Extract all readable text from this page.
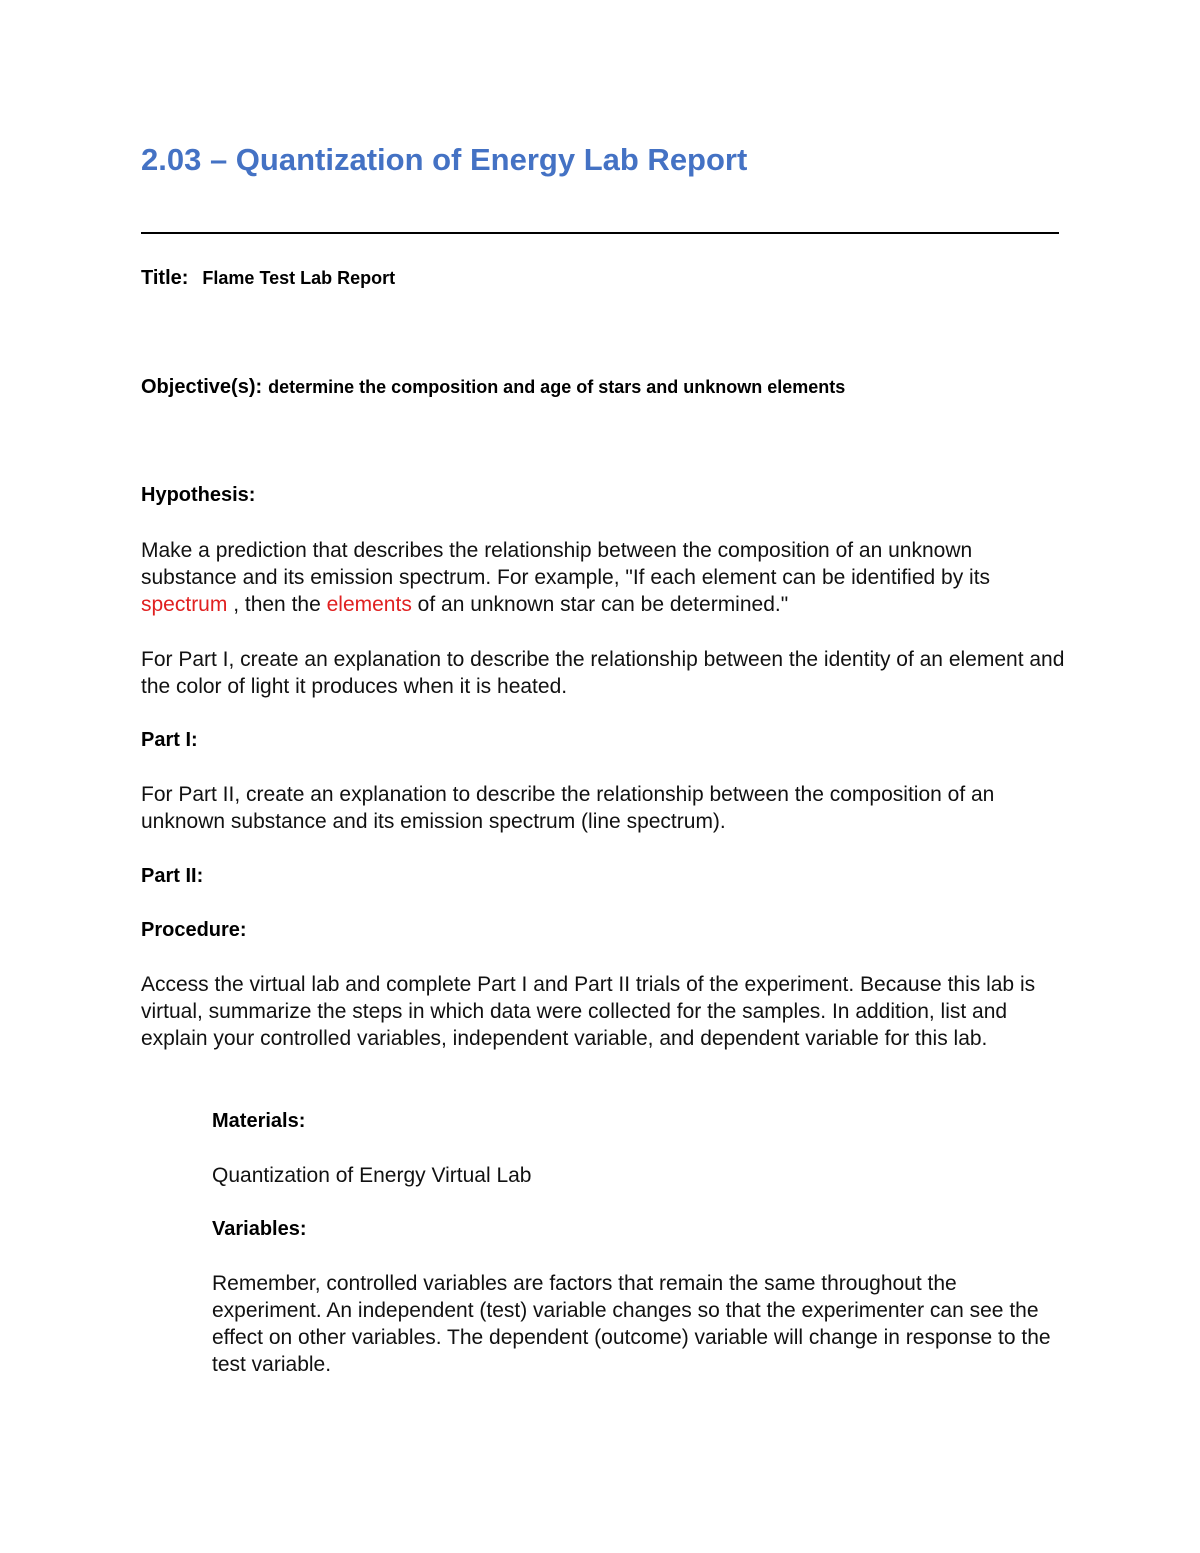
2.03 – Quantization of Energy Lab Report
Title: Flame Test Lab Report
Objective(s): determine the composition and age of stars and unknown elements
Hypothesis:

Make a prediction that describes the relationship between the composition of an unknown substance and its emission spectrum. For example, "If each element can be identified by its spectrum , then the elements of an unknown star can be determined."

For Part I, create an explanation to describe the relationship between the identity of an element and the color of light it produces when it is heated.

Part I:

For Part II, create an explanation to describe the relationship between the composition of an unknown substance and its emission spectrum (line spectrum).

Part II:
Procedure:

Access the virtual lab and complete Part I and Part II trials of the experiment. Because this lab is virtual, summarize the steps in which data were collected for the samples. In addition, list and explain your controlled variables, independent variable, and dependent variable for this lab.

Materials:

Quantization of Energy Virtual Lab

Variables:

Remember, controlled variables are factors that remain the same throughout the experiment. An independent (test) variable changes so that the experimenter can see the effect on other variables. The dependent (outcome) variable will change in response to the test variable.
